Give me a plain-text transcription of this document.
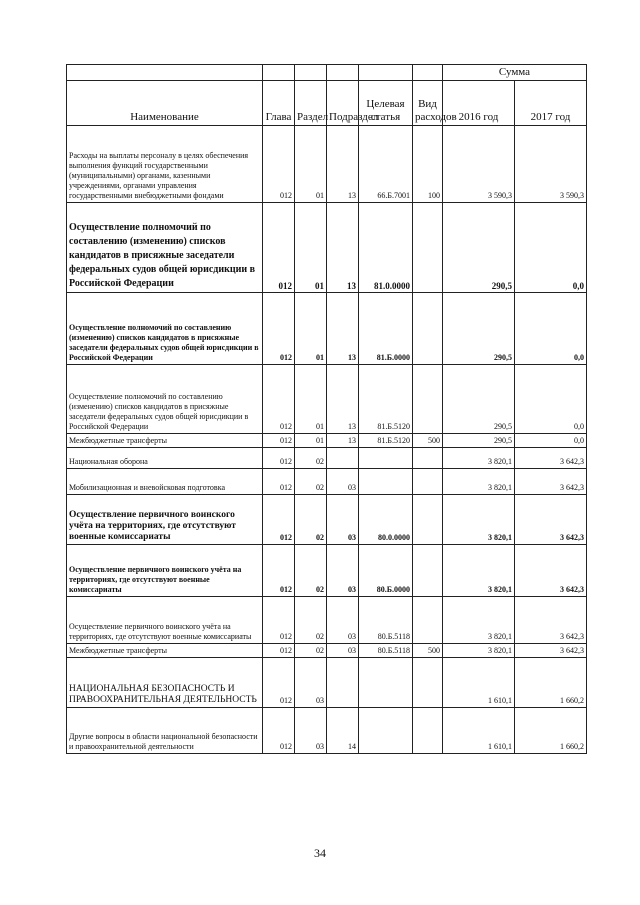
						Сумма	
Наименование	Глава	Раздел	Подраздел	Целевая статья	Вид расходов	2016 год	2017 год
Расходы на выплаты персоналу в целях обеспечения выполнения функций государственными (муниципальными) органами, казенными учреждениями, органами управления государственными внебюджетными фондами	012	01	13	66.Б.7001	100	3 590,3	3 590,3
Осуществление полномочий по составлению (изменению) списков кандидатов в присяжные заседатели федеральных судов общей юрисдикции в Российской Федерации	012	01	13	81.0.0000		290,5	0,0
Осуществление полномочий по составлению (изменению) списков кандидатов в присяжные заседатели федеральных судов общей юрисдикции в Российской Федерации	012	01	13	81.Б.0000		290,5	0,0
Осуществление полномочий по составлению (изменению) списков кандидатов в присяжные заседатели федеральных судов общей юрисдикции в Российской Федерации	012	01	13	81.Б.5120		290,5	0,0
Межбюджетные трансферты	012	01	13	81.Б.5120	500	290,5	0,0
Национальная оборона	012	02				3 820,1	3 642,3
Мобилизационная и вневойсковая подготовка	012	02	03			3 820,1	3 642,3
Осуществление первичного воинского учёта на территориях, где отсутствуют военные комиссариаты	012	02	03	80.0.0000		3 820,1	3 642,3
Осуществление первичного воинского учёта на территориях, где отсутствуют военные комиссариаты	012	02	03	80.Б.0000		3 820,1	3 642,3
Осуществление первичного воинского учёта на территориях, где отсутствуют военные комиссариаты	012	02	03	80.Б.5118		3 820,1	3 642,3
Межбюджетные трансферты	012	02	03	80.Б.5118	500	3 820,1	3 642,3
НАЦИОНАЛЬНАЯ БЕЗОПАСНОСТЬ И ПРАВООХРАНИТЕЛЬНАЯ ДЕЯТЕЛЬНОСТЬ	012	03				1 610,1	1 660,2
Другие вопросы в области национальной безопасности и правоохранительной деятельности	012	03	14			1 610,1	1 660,2
34
